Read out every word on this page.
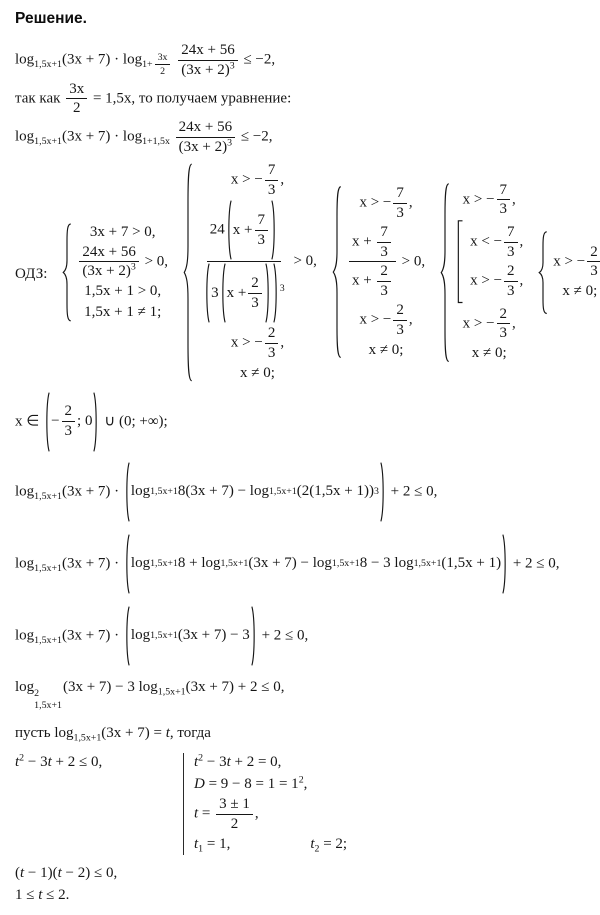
Решение.
$\log_{1,5x+1}(3x + 7) \cdot \log_{1+ \frac{3x}{2}}$
$\frac{24x + 56}{(3x + 2)^3} \le -2$,
так как $\frac{3x}{2} = 1,5x$, то получаем уравнение:
$\log_{1,5x+1}(3x + 7) \cdot \log_{1+1,5x} \frac{24x + 56}{(3x + 2)^3} \le -2$,
ОДЗ:
3x + 7 > 0,
$\frac{24x + 56}{(3x + 2)^3} > 0$,
1,5x + 1 > 0,
1,5x + 1 ≠ 1;
x > − $\frac{7}{3}$ ,
$\frac{24 x + \frac{7}{3}}{3 x + \frac{2}{3} ^3} > 0$,
x > − $\frac{2}{3}$ ,
x ≠ 0;
x > − $\frac{7}{3}$ ,
$\frac{x + \frac{7}{3}}{x + \frac{2}{3}} > 0$,
x > − $\frac{2}{3}$ ,
x ≠ 0;
x > − $\frac{7}{3}$ ,
x < − $\frac{7}{3}$ ,
x > − $\frac{2}{3}$ ,
x > − $\frac{2}{3}$ ,
x ≠ 0;
x > − $\frac{2}{3}$
x ≠ 0;
x ∈ − $\frac{2}{3}$ ; 0 ∪ (0; +∞);
$\log_{1,5x+1}(3x + 7) \cdot \log 1,5x+1$ 8(3x + 7) − log 1,5x+1 (2(1,5x + 1)) 3 + 2 ≤ 0,
$\log_{1,5x+1}(3x + 7) \cdot \log 1,5x+1$ 8 + log 1,5x+1 (3x + 7) − log 1,5x+1 8 − 3 log 1,5x+1 (1,5x + 1) + 2 ≤ 0,
$\log_{1,5x+1}(3x + 7) \cdot \log 1,5x+1$ (3x + 7) − 3 + 2 ≤ 0,
log 2
1,5x+1
(3x + 7) − 3 $\log_{1,5x+1}(3x + 7) + 2 \le 0$,
пусть $\log_{1,5x+1}(3x + 7) = t$, тогда
$t^2 - 3t + 2 \le 0$,	$t^2 - 3t + 2 = 0$,
$D = 9 - 8 = 1 = 1^2$,
$t = \frac{3 \pm 1}{2}$ ,
$t_1 = 1$,	$t_2 = 2$;
(t − 1)(t − 2) ≤ 0,
1 ≤ t ≤ 2.
